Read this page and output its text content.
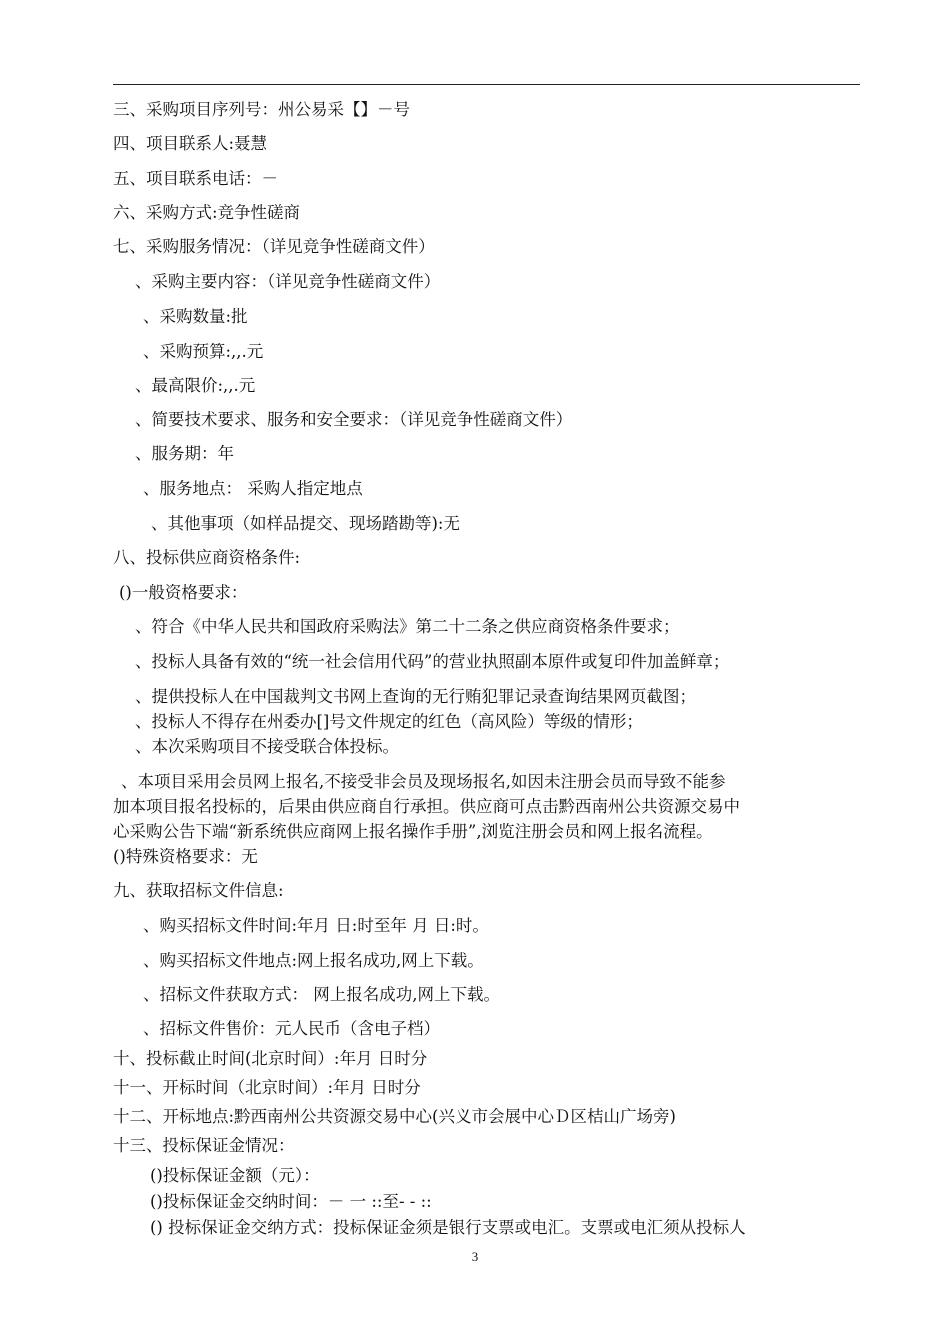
三、采购项目序列号：州公易采【】－号
四、项目联系人:聂慧
五、项目联系电话：－
六、采购方式:竞争性磋商
七、采购服务情况：（详见竞争性磋商文件）
、采购主要内容：（详见竞争性磋商文件）
、采购数量:批
、采购预算:,,.元
、最高限价:,,.元
、简要技术要求、服务和安全要求：（详见竞争性磋商文件）
、服务期：年
、服务地点： 采购人指定地点
、其他事项（如样品提交、现场踏勘等):无
八、投标供应商资格条件:
()一般资格要求：
、符合《中华人民共和国政府采购法》第二十二条之供应商资格条件要求；
、投标人具备有效的“统一社会信用代码”的营业执照副本原件或复印件加盖鲜章；
、提供投标人在中国裁判文书网上查询的无行贿犯罪记录查询结果网页截图；
、投标人不得存在州委办[]号文件规定的红色（高风险）等级的情形；
、本次采购项目不接受联合体投标。
、本项目采用会员网上报名,不接受非会员及现场报名,如因未注册会员而导致不能参
加本项目报名投标的，后果由供应商自行承担。供应商可点击黔西南州公共资源交易中
心采购公告下端“新系统供应商网上报名操作手册”,浏览注册会员和网上报名流程。
()特殊资格要求：无
九、获取招标文件信息:
、购买招标文件时间:年月 日:时至年 月 日:时。
、购买招标文件地点:网上报名成功,网上下载。
、招标文件获取方式： 网上报名成功,网上下载。
、招标文件售价：元人民币（含电子档）
十、投标截止时间(北京时间）:年月 日时分
十一、开标时间（北京时间）:年月 日时分
十二、开标地点:黔西南州公共资源交易中心(兴义市会展中心Ｄ区桔山广场旁)
十三、投标保证金情况：
()投标保证金额（元）：
()投标保证金交纳时间：－ 一 ::至- - ::
() 投标保证金交纳方式：投标保证金须是银行支票或电汇。支票或电汇须从投标人
3
